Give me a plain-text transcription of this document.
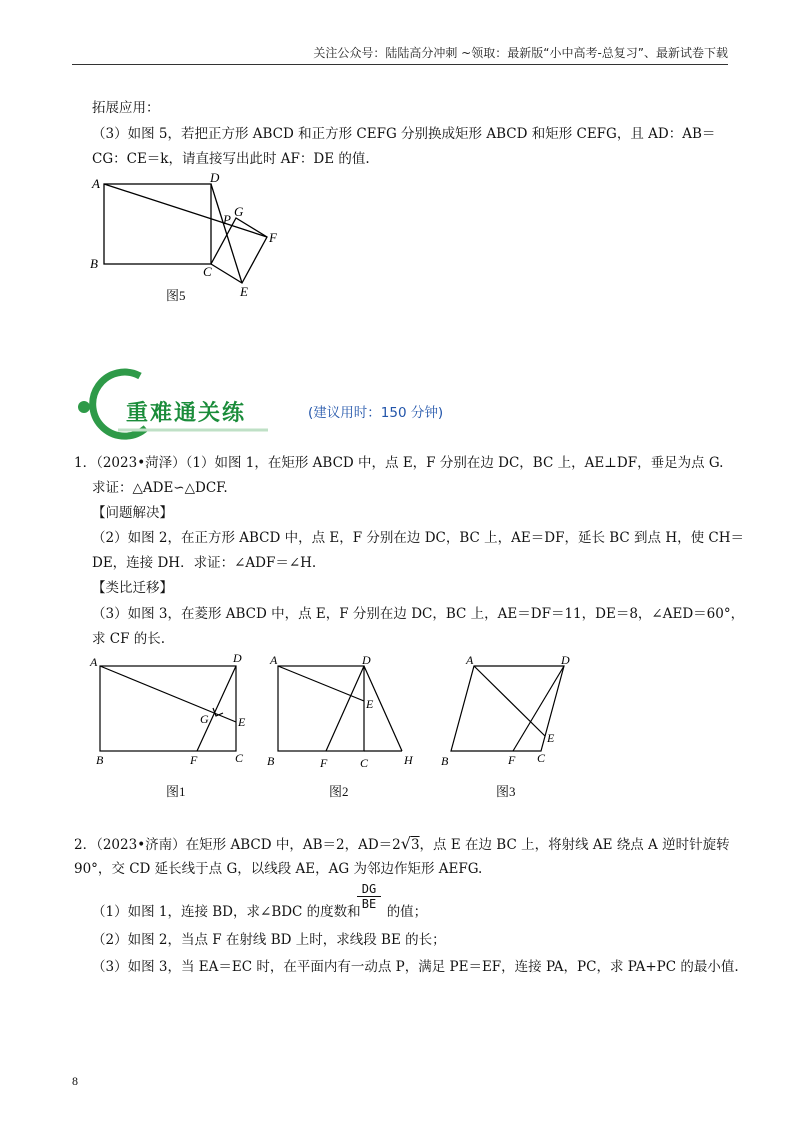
关注公众号：陆陆高分冲刺 ~领取：最新版“小中高考-总复习”、最新试卷下载
拓展应用：
（3）如图 5，若把正方形 ABCD 和正方形 CEFG 分别换成矩形 ABCD 和矩形 CEFG，且 AD：AB＝
CG：CE＝k，请直接写出此时 AF：DE 的值.
A	D
B
C
P
G
F
E
图5
重难通关练	(建议用时：150 分钟)
1．（2023•菏泽）（1）如图 1，在矩形 ABCD 中，点 E，F 分别在边 DC，BC 上，AE⊥DF，垂足为点 G.
求证：△ADE∽△DCF.
【问题解决】
（2）如图 2，在正方形 ABCD 中，点 E，F 分别在边 DC，BC 上，AE＝DF，延长 BC 到点 H，使 CH＝
DE，连接 DH．求证：∠ADF＝∠H.
【类比迁移】
（3）如图 3，在菱形 ABCD 中，点 E，F 分别在边 DC，BC 上，AE＝DF＝11，DE＝8，∠AED＝60°，
求 CF 的长.
A	D
G E
B	F	C
A	D
E
B	F	C	H
A	D
E
B	F C
图1	图2	图3
2．（2023•济南）在矩形 ABCD 中，AB＝2，AD＝2√3，点 E 在边 BC 上，将射线 AE 绕点 A 逆时针旋转
90°，交 CD 延长线于点 G，以线段 AE，AG 为邻边作矩形 AEFG.
（1）如图 1，连接 BD，求∠BDC 的度数和 的值；
$\frac{DG}{BE}$
（2）如图 2，当点 F 在射线 BD 上时，求线段 BE 的长；
（3）如图 3，当 EA＝EC 时，在平面内有一动点 P，满足 PE＝EF，连接 PA，PC，求 PA+PC 的最小值.
8
